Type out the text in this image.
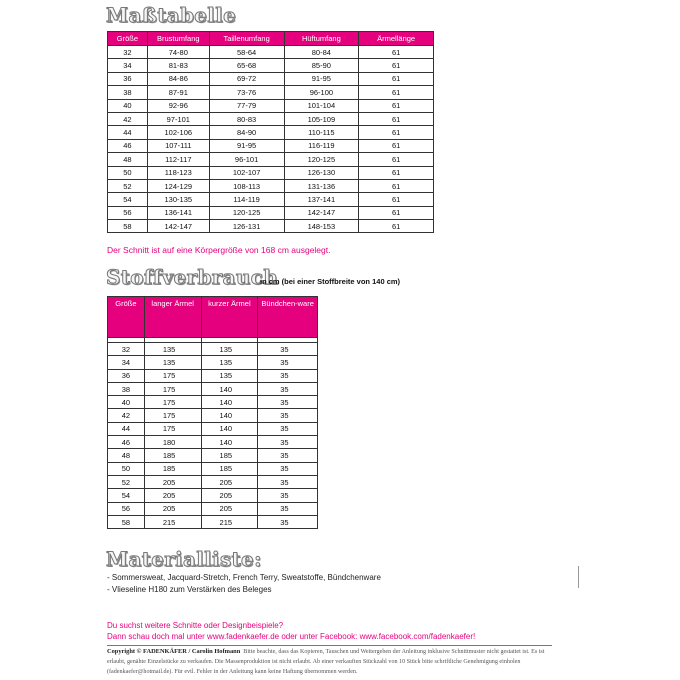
Maßtabelle
Größe	Brustumfang	Taillenumfang	Hüftumfang	Ärmellänge
32	74-80	58-64	80-84	61
34	81-83	65-68	85-90	61
36	84-86	69-72	91-95	61
38	87-91	73-76	96-100	61
40	92-96	77-79	101-104	61
42	97-101	80-83	105-109	61
44	102-106	84-90	110-115	61
46	107-111	91-95	116-119	61
48	112-117	96-101	120-125	61
50	118-123	102-107	126-130	61
52	124-129	108-113	131-136	61
54	130-135	114-119	137-141	61
56	136-141	120-125	142-147	61
58	142-147	126-131	148-153	61
Der Schnitt ist auf eine Körpergröße von 168 cm ausgelegt.
Stoffverbrauch
in cm (bei einer Stoffbreite von 140 cm)
Größe	langer Ärmel	kurzer Ärmel	Bündchen-ware

32	135	135	35
34	135	135	35
36	175	135	35
38	175	140	35
40	175	140	35
42	175	140	35
44	175	140	35
46	180	140	35
48	185	185	35
50	185	185	35
52	205	205	35
54	205	205	35
56	205	205	35
58	215	215	35
Materialliste:
- Sommersweat, Jacquard-Stretch, French Terry, Sweatstoffe, Bündchenware
- Vlieseline H180 zum Verstärken des Beleges
Du suchst weitere Schnitte oder Designbeispiele?
Dann schau doch mal unter www.fadenkaefer.de oder unter Facebook: www.facebook.com/fadenkaefer!
Copyright © FADENKÄFER / Carolin Hofmann Bitte beachte, dass das Kopieren, Tauschen und Weitergeben der Anleitung inklusive Schnittmuster nicht gestattet ist. Es ist erlaubt, genähte Einzelstücke zu verkaufen. Die Massenproduktion ist nicht erlaubt. Ab einer verkauften Stückzahl von 10 Stück bitte schriftliche Genehmigung einholen (fadenkaefer@hotmail.de). Für evtl. Fehler in der Anleitung kann keine Haftung übernommen werden.
